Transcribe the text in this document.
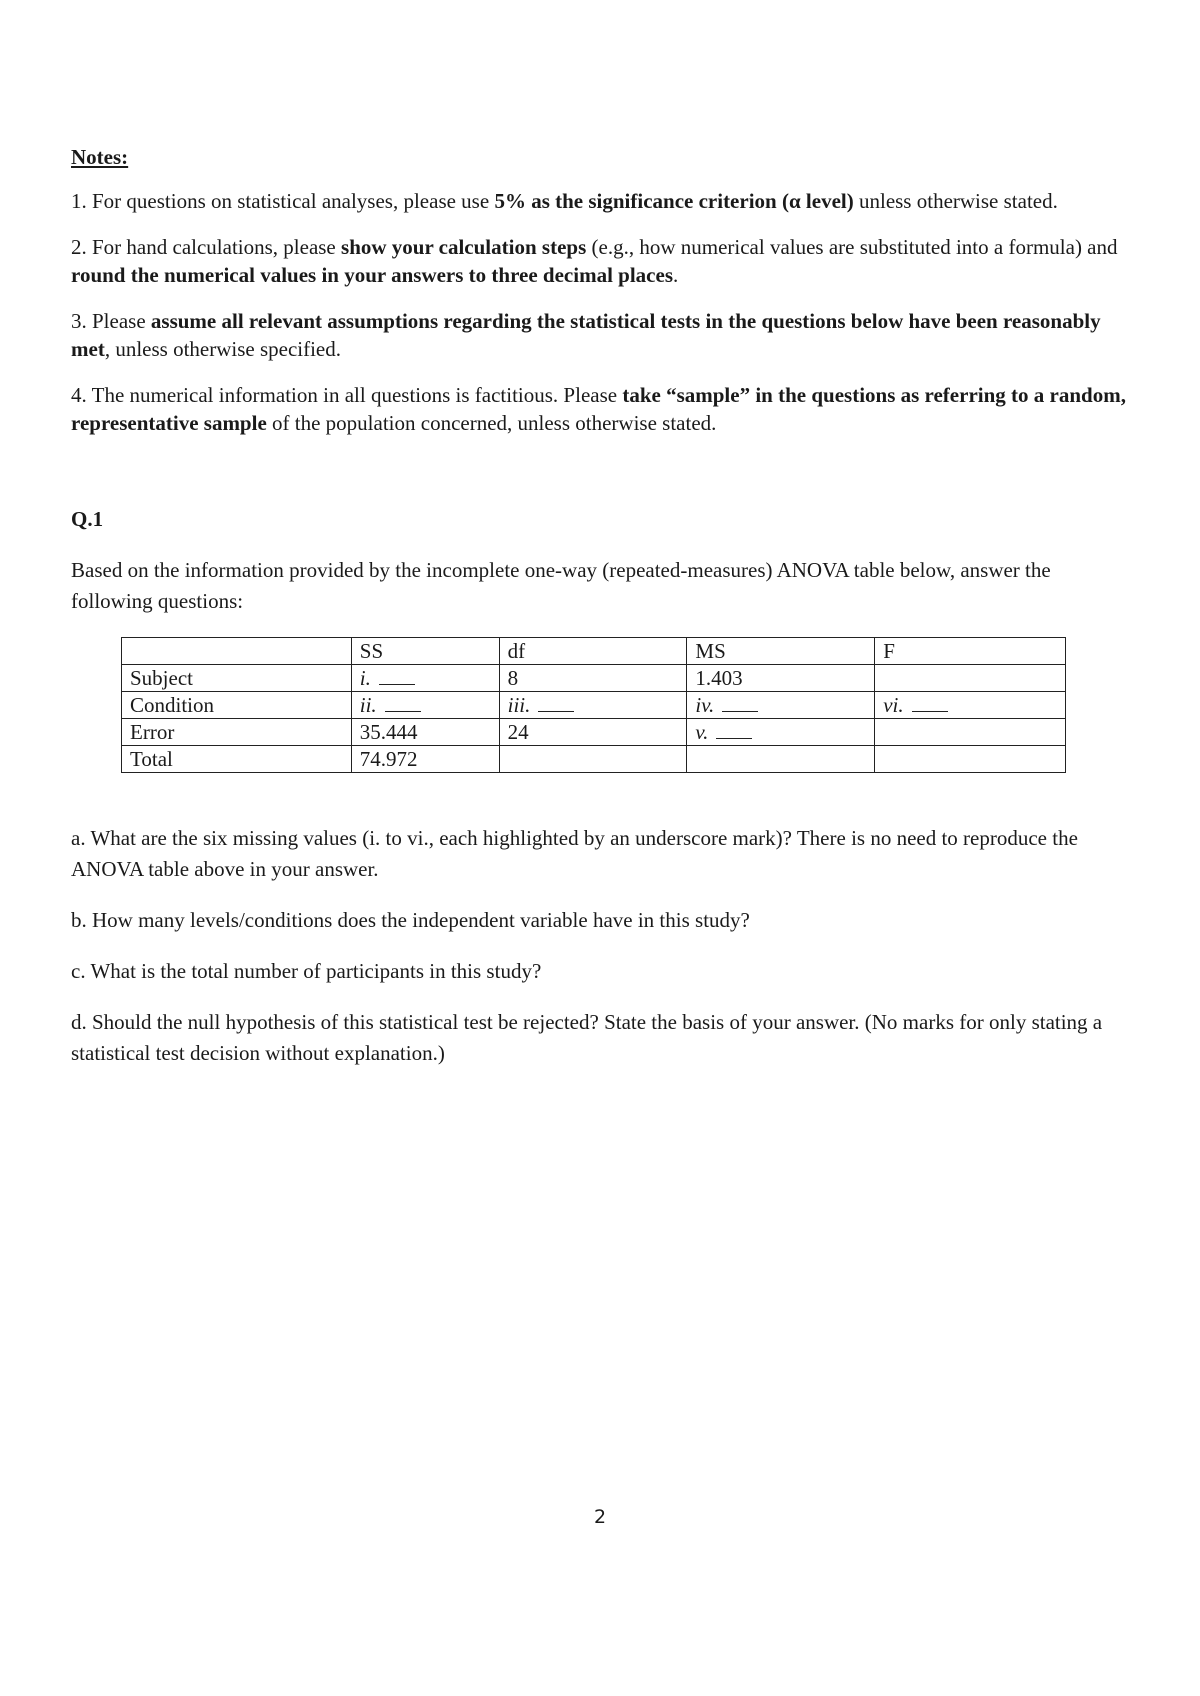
Notes:
1. For questions on statistical analyses, please use 5% as the significance criterion (α level) unless otherwise stated.
2. For hand calculations, please show your calculation steps (e.g., how numerical values are substituted into a formula) and round the numerical values in your answers to three decimal places.
3. Please assume all relevant assumptions regarding the statistical tests in the questions below have been reasonably met, unless otherwise specified.
4. The numerical information in all questions is factitious. Please take “sample” in the questions as referring to a random, representative sample of the population concerned, unless otherwise stated.
Q.1
Based on the information provided by the incomplete one-way (repeated-measures) ANOVA table below, answer the following questions:
	SS	df	MS	F
Subject	i.	8	1.403	
Condition	ii.	iii.	iv.	vi.
Error	35.444	24	v.	
Total	74.972			
a. What are the six missing values (i. to vi., each highlighted by an underscore mark)? There is no need to reproduce the ANOVA table above in your answer.
b. How many levels/conditions does the independent variable have in this study?
c. What is the total number of participants in this study?
d. Should the null hypothesis of this statistical test be rejected? State the basis of your answer. (No marks for only stating a statistical test decision without explanation.)
2
